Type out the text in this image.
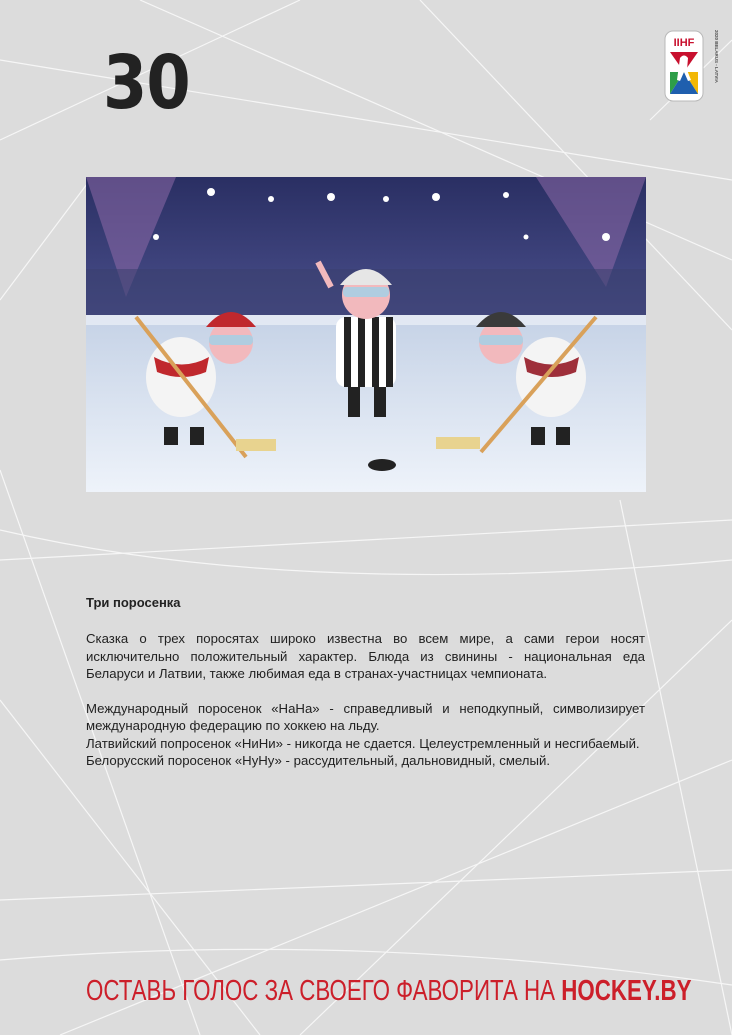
30	IIHF	2020 BELARUS - LATVIA
Три поросенка

Сказка о трех поросятах широко известна во всем мире, а сами герои носят исключительно положительный характер. Блюда из свинины - национальная еда Беларуси и Латвии, также любимая еда в странах-участницах чемпионата.

Международный поросенок «НаНа» - справедливый и неподкупный, символизирует международную федерацию по хоккею на льду.

Латвийский попросенок «НиНи» - никогда не сдается. Целеустремленный и несгибаемый.

Белорусский поросенок «НуНу» - рассудительный, дальновидный, смелый.

ОСТАВЬ ГОЛОС ЗА СВОЕГО ФАВОРИТА НА HOCKEY.BY
